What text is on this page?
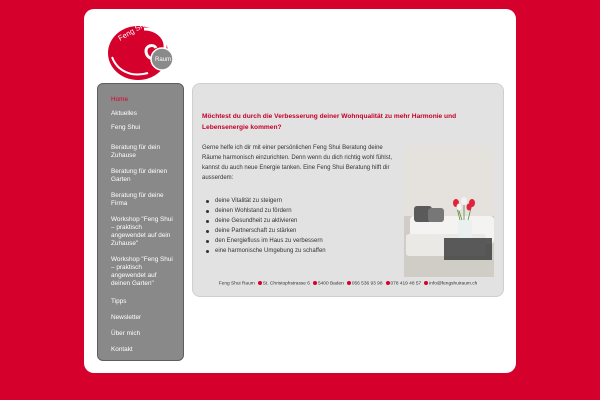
Feng Shui
Raum
Home
Aktuelles
Feng Shui
Beratung für dein Zuhause
Beratung für deinen Garten
Beratung für deine Firma
Workshop "Feng Shui – praktisch angewendet auf dein Zuhause"
Workshop "Feng Shui – praktisch angewendet auf deinen Garten"
Tipps
Newsletter
Über mich
Kontakt
Links
Möchtest du durch die Verbesserung deiner Wohnqualität zu mehr Harmonie und Lebensenergie kommen?
Gerne helfe ich dir mit einer persönlichen Feng Shui Beratung deine Räume harmonisch einzurichten. Denn wenn du dich richtig wohl fühlst, kannst du auch neue Energie tanken. Eine Feng Shui Beratung hilft dir ausserdem:
deine Vitalität zu steigern
deinen Wohlstand zu fördern
deine Gesundheit zu aktivieren
deine Partnerschaft zu stärken
den Energiefluss im Haus zu verbessern
eine harmonische Umgebung zu schaffen
Feng Shui Raum St. Christophstrasse 6 5400 Baden 056 536 93 98 078 419 48 57 info@fengshuiraum.ch
